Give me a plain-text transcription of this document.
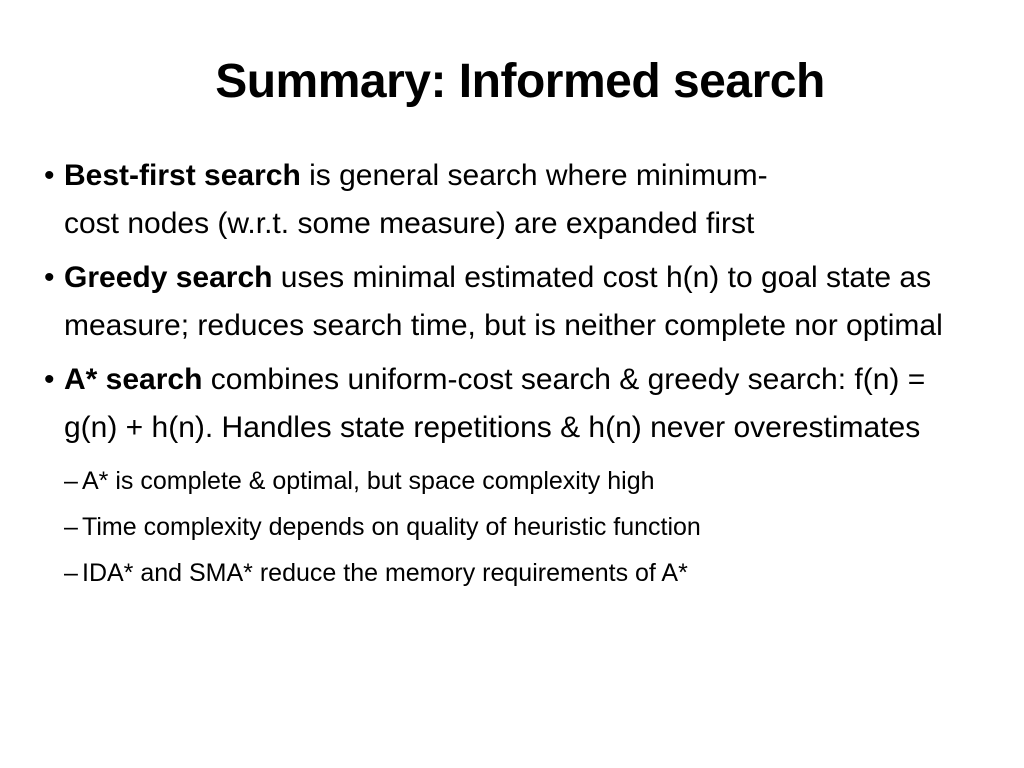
Summary: Informed search
• Best-first search is general search where minimum-
cost nodes (w.r.t. some measure) are expanded first
• Greedy search uses minimal estimated cost h(n) to goal state as measure; reduces search time, but is neither complete nor optimal
• A* search combines uniform-cost search & greedy search: f(n) = g(n) + h(n). Handles state repetitions & h(n) never overestimates
– A* is complete & optimal, but space complexity high
– Time complexity depends on quality of heuristic function
– IDA* and SMA* reduce the memory requirements of A*
